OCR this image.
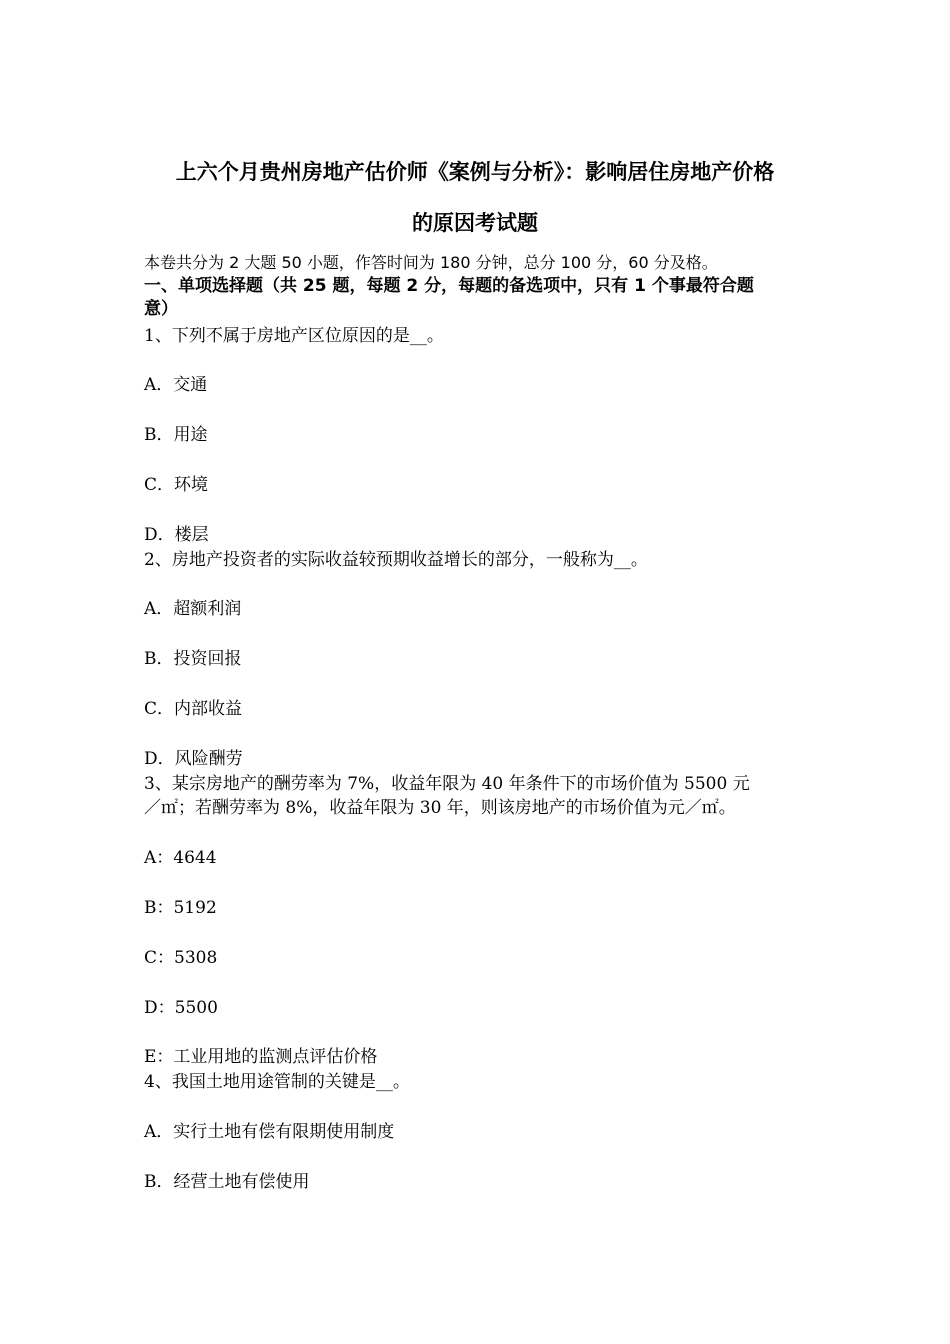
上六个月贵州房地产估价师《案例与分析》：影响居住房地产价格
的原因考试题
本卷共分为 2 大题 50 小题，作答时间为 180 分钟，总分 100 分，60 分及格。
一、单项选择题（共 25 题，每题 2 分，每题的备选项中，只有 1 个事最符合题
意）
1、下列不属于房地产区位原因的是__。
A．交通
B．用途
C．环境
D．楼层
2、房地产投资者的实际收益较预期收益增长的部分，一般称为__。
A．超额利润
B．投资回报
C．内部收益
D．风险酬劳
3、某宗房地产的酬劳率为 7%，收益年限为 40 年条件下的市场价值为 5500 元
／㎡；若酬劳率为 8%，收益年限为 30 年，则该房地产的市场价值为元／㎡。
A：4644
B：5192
C：5308
D：5500
E：工业用地的监测点评估价格
4、我国土地用途管制的关键是__。
A．实行土地有偿有限期使用制度
B．经营土地有偿使用
